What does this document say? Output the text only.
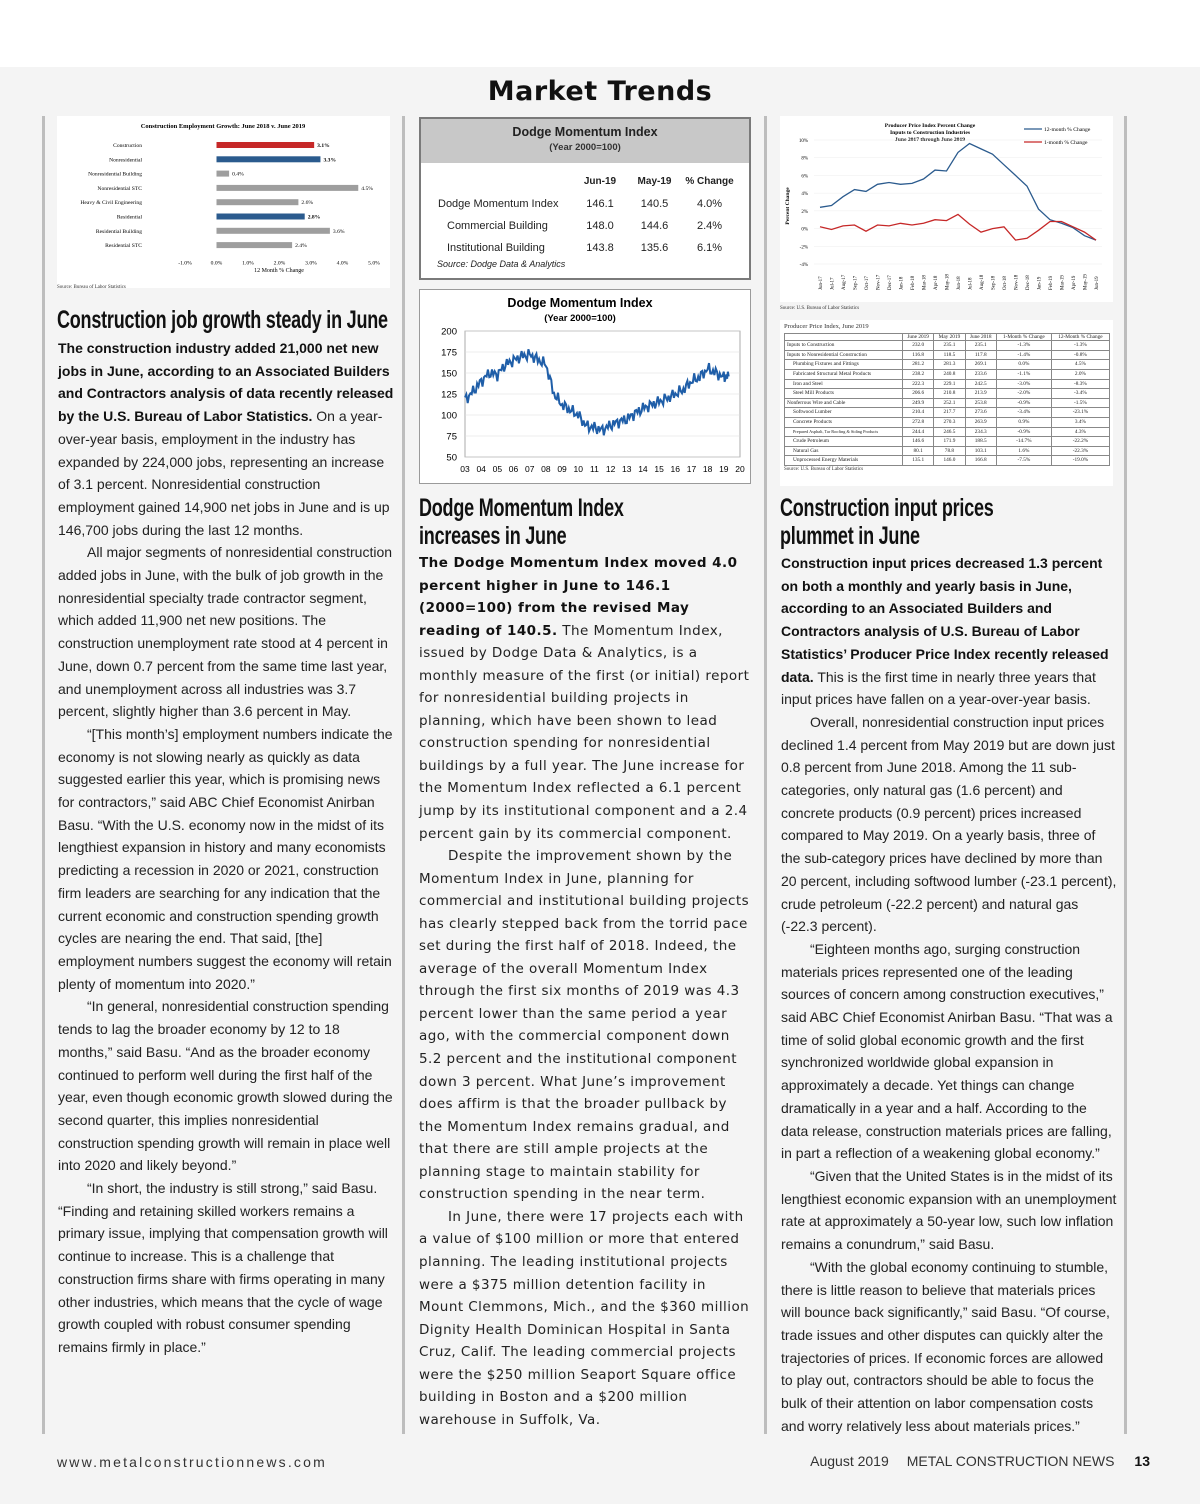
Market Trends
Construction Employment Growth: June 2018 v. June 2019
Construction
Nonresidential
Nonresidential Building
Nonresidential STC
Heavy & Civil Engineering
Residential
Residential Building
Residential STC
3.1%
3.3%
0.4%
4.5%
2.6%
2.8%
3.6%
2.4%
-1.0%	0.0%	1.0%	2.0%	3.0%	4.0%	5.0%
12 Month % Change
Source: Bureau of Labor Statistics
Dodge Momentum Index
(Year 2000=100)
	Jun-19	May-19	% Change
Dodge Momentum Index	146.1	140.5	4.0%
Commercial Building	148.0	144.6	2.4%
Institutional Building	143.8	135.6	6.1%
Source: Dodge Data & Analytics
Dodge Momentum Index
(Year 2000=100)
50
75
100
125
150
175
200
03 04 05 06 07 08 09 10 11 12 13 14 15 16 17 18 19 20
Producer Price Index Percent Change
Inputs to Construction Industries
June 2017 through June 2019
Percent Change
12-month % Change
1-month % Change
-4%
-2%
0%
2%
4%
6%
8%
10%
Jun-17 Jul-17 Aug-17 Sep-17 Oct-17 Nov-17 Dec-17 Jan-18 Feb-18 Mar-18 Apr-18 May-18 Jun-18 Jul-18 Aug-18 Sep-18 Oct-18 Nov-18 Dec-18 Jan-19 Feb-19 Mar-19 Apr-19 May-19 Jun-19
Source: U.S. Bureau of Labor Statistics
Producer Price Index, June 2019
	June 2019	May 2019	June 2018	1-Month % Change	12-Month % Change
Inputs to Construction	232.0	235.1	235.1	-1.3%	-1.3%
Inputs to Nonresidential Construction	116.8	118.5	117.8	-1.4%	-0.8%
Plumbing Fixtures and Fittings	281.2	281.3	269.1	0.0%	4.5%
Fabricated Structural Metal Products	238.2	240.8	233.6	-1.1%	2.0%
Iron and Steel	222.3	229.1	242.5	-3.0%	-8.3%
Steel Mill Products	206.6	210.8	213.9	-2.0%	-3.4%
Nonferrous Wire and Cable	249.9	252.1	253.8	-0.9%	-1.5%
Softwood Lumber	210.4	217.7	273.6	-3.4%	-23.1%
Concrete Products	272.8	270.3	263.9	0.9%	3.4%
Prepared Asphalt, Tar Roofing & Siding Products	244.4	246.5	234.3	-0.9%	4.3%
Crude Petroleum	146.6	171.9	188.5	-14.7%	-22.2%
Natural Gas	80.1	78.8	103.1	1.6%	-22.3%
Unprocessed Energy Materials	135.1	146.0	166.8	-7.5%	-19.0%
Source: U.S. Bureau of Labor Statistics
Construction job growth steady in June

The construction industry added 21,000 net new jobs in June, according to an Associated Builders and Contractors analysis of data recently released by the U.S. Bureau of Labor Statistics. On a year-over-year basis, employment in the industry has expanded by 224,000 jobs, representing an increase of 3.1 percent. Nonresidential construction employment gained 14,900 net jobs in June and is up 146,700 jobs during the last 12 months.

All major segments of nonresidential construction added jobs in June, with the bulk of job growth in the nonresidential specialty trade contractor segment, which added 11,900 net new positions. The construction unemployment rate stood at 4 percent in June, down 0.7 percent from the same time last year, and unemployment across all industries was 3.7 percent, slightly higher than 3.6 percent in May.

“[This month’s] employment numbers indicate the economy is not slowing nearly as quickly as data suggested earlier this year, which is promising news for contractors,” said ABC Chief Economist Anirban Basu. “With the U.S. economy now in the midst of its lengthiest expansion in history and many economists predicting a recession in 2020 or 2021, construction firm leaders are searching for any indication that the current economic and construction spending growth cycles are nearing the end. That said, [the] employment numbers suggest the economy will retain plenty of momentum into 2020.”

“In general, nonresidential construction spending tends to lag the broader economy by 12 to 18 months,” said Basu. “And as the broader economy continued to perform well during the first half of the year, even though economic growth slowed during the second quarter, this implies nonresidential construction spending growth will remain in place well into 2020 and likely beyond.”

“In short, the industry is still strong,” said Basu. “Finding and retaining skilled workers remains a primary issue, implying that compensation growth will continue to increase. This is a challenge that construction firms share with firms operating in many other industries, which means that the cycle of wage growth coupled with robust consumer spending remains firmly in place.”

Dodge Momentum Index
increases in June

The Dodge Momentum Index moved 4.0 percent higher in June to 146.1 (2000=100) from the revised May reading of 140.5. The Momentum Index, issued by Dodge Data & Analytics, is a monthly measure of the first (or initial) report for nonresidential building projects in planning, which have been shown to lead construction spending for nonresidential buildings by a full year. The June increase for the Momentum Index reflected a 6.1 percent jump by its institutional component and a 2.4 percent gain by its commercial component.

Despite the improvement shown by the Momentum Index in June, planning for commercial and institutional building projects has clearly stepped back from the torrid pace set during the first half of 2018. Indeed, the average of the overall Momentum Index through the first six months of 2019 was 4.3 percent lower than the same period a year ago, with the commercial component down 5.2 percent and the institutional component down 3 percent. What June’s improvement does affirm is that the broader pullback by the Momentum Index remains gradual, and that there are still ample projects at the planning stage to maintain stability for construction spending in the near term.

In June, there were 17 projects each with a value of $100 million or more that entered planning. The leading institutional projects were a $375 million detention facility in Mount Clemmons, Mich., and the $360 million Dignity Health Dominican Hospital in Santa Cruz, Calif. The leading commercial projects were the $250 million Seaport Square office building in Boston and a $200 million warehouse in Suffolk, Va.

Construction input prices
plummet in June

Construction input prices decreased 1.3 percent on both a monthly and yearly basis in June, according to an Associated Builders and Contractors analysis of U.S. Bureau of Labor Statistics’ Producer Price Index recently released data. This is the first time in nearly three years that input prices have fallen on a year-over-year basis.

Overall, nonresidential construction input prices declined 1.4 percent from May 2019 but are down just 0.8 percent from June 2018. Among the 11 sub-categories, only natural gas (1.6 percent) and concrete products (0.9 percent) prices increased compared to May 2019. On a yearly basis, three of the sub-category prices have declined by more than 20 percent, including softwood lumber (-23.1 percent), crude petroleum (-22.2 percent) and natural gas (-22.3 percent).

“Eighteen months ago, surging construction materials prices represented one of the leading sources of concern among construction executives,” said ABC Chief Economist Anirban Basu. “That was a time of solid global economic growth and the first synchronized worldwide global expansion in approximately a decade. Yet things can change dramatically in a year and a half. According to the data release, construction materials prices are falling, in part a reflection of a weakening global economy.”

“Given that the United States is in the midst of its lengthiest economic expansion with an unemployment rate at approximately a 50-year low, such low inflation remains a conundrum,” said Basu.

“With the global economy continuing to stumble, there is little reason to believe that materials prices will bounce back significantly,” said Basu. “Of course, trade issues and other disputes can quickly alter the trajectories of prices. If economic forces are allowed to play out, contractors should be able to focus the bulk of their attention on labor compensation costs and worry relatively less about materials prices.”

www.metalconstructionnews.com	August 2019 METAL CONSTRUCTION NEWS 13
